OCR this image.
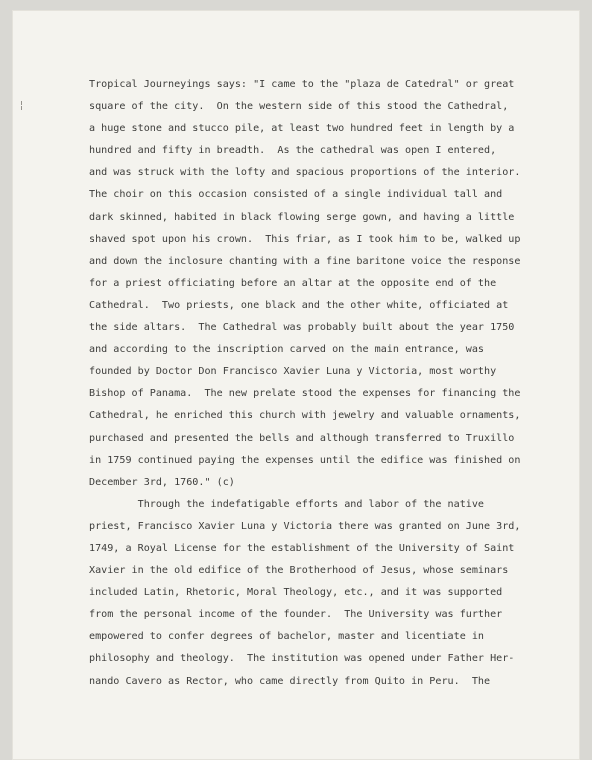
Tropical Journeyings says: "I came to the "plaza de Catedral" or great
square of the city.  On the western side of this stood the Cathedral,
a huge stone and stucco pile, at least two hundred feet in length by a
hundred and fifty in breadth.  As the cathedral was open I entered,
and was struck with the lofty and spacious proportions of the interior.
The choir on this occasion consisted of a single individual tall and
dark skinned, habited in black flowing serge gown, and having a little
shaved spot upon his crown.  This friar, as I took him to be, walked up
and down the inclosure chanting with a fine baritone voice the response
for a priest officiating before an altar at the opposite end of the
Cathedral.  Two priests, one black and the other white, officiated at
the side altars.  The Cathedral was probably built about the year 1750
and according to the inscription carved on the main entrance, was
founded by Doctor Don Francisco Xavier Luna y Victoria, most worthy
Bishop of Panama.  The new prelate stood the expenses for financing the
Cathedral, he enriched this church with jewelry and valuable ornaments,
purchased and presented the bells and although transferred to Truxillo
in 1759 continued paying the expenses until the edifice was finished on
December 3rd, 1760." (c)
Through the indefatigable efforts and labor of the native
priest, Francisco Xavier Luna y Victoria there was granted on June 3rd,
1749, a Royal License for the establishment of the University of Saint
Xavier in the old edifice of the Brotherhood of Jesus, whose seminars
included Latin, Rhetoric, Moral Theology, etc., and it was supported
from the personal income of the founder.  The University was further
empowered to confer degrees of bachelor, master and licentiate in
philosophy and theology.  The institution was opened under Father Her-
nando Cavero as Rector, who came directly from Quito in Peru.  The
